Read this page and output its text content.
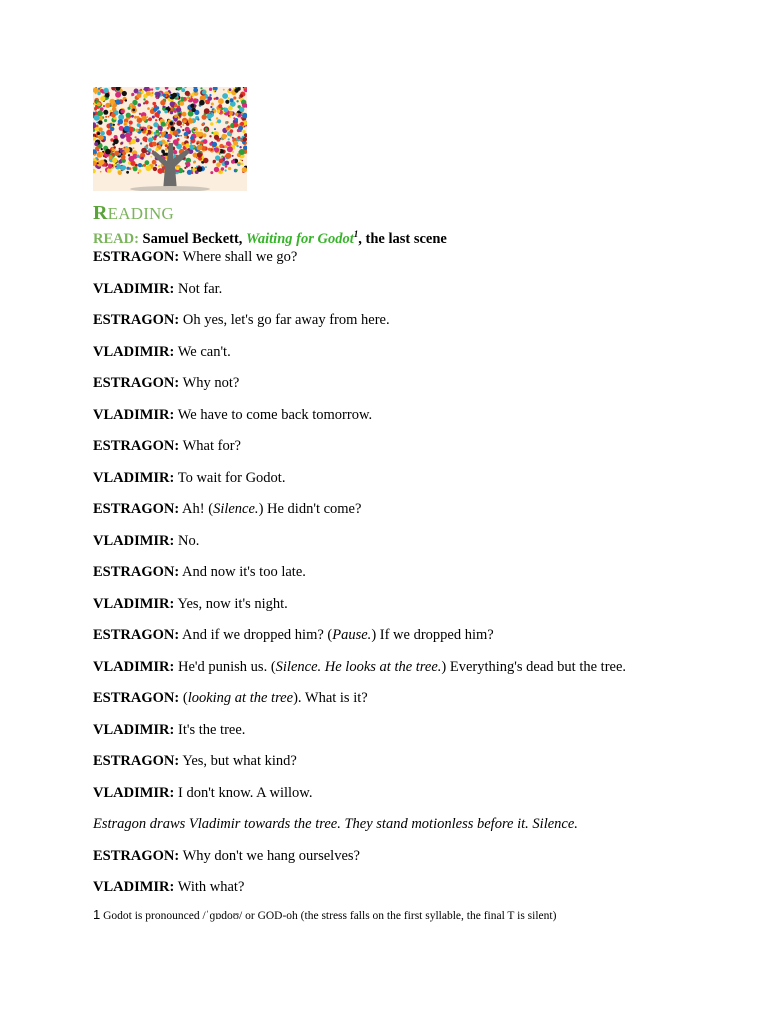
READING
READ: Samuel Beckett, Waiting for Godot$^1$, the last scene
ESTRAGON: Where shall we go?
VLADIMIR: Not far.
ESTRAGON: Oh yes, let's go far away from here.
VLADIMIR: We can't.
ESTRAGON: Why not?
VLADIMIR: We have to come back tomorrow.
ESTRAGON: What for?
VLADIMIR: To wait for Godot.
ESTRAGON: Ah! (Silence.) He didn't come?
VLADIMIR: No.
ESTRAGON: And now it's too late.
VLADIMIR: Yes, now it's night.
ESTRAGON: And if we dropped him? (Pause.) If we dropped him?
VLADIMIR: He'd punish us. (Silence. He looks at the tree.) Everything's dead but the tree.
ESTRAGON: (looking at the tree). What is it?
VLADIMIR: It's the tree.
ESTRAGON: Yes, but what kind?
VLADIMIR: I don't know. A willow.
Estragon draws Vladimir towards the tree. They stand motionless before it. Silence.
ESTRAGON: Why don't we hang ourselves?
VLADIMIR: With what?
1 Godot is pronounced /ˈɡɒdoʊ/ or GOD-oh (the stress falls on the first syllable, the final T is silent)
